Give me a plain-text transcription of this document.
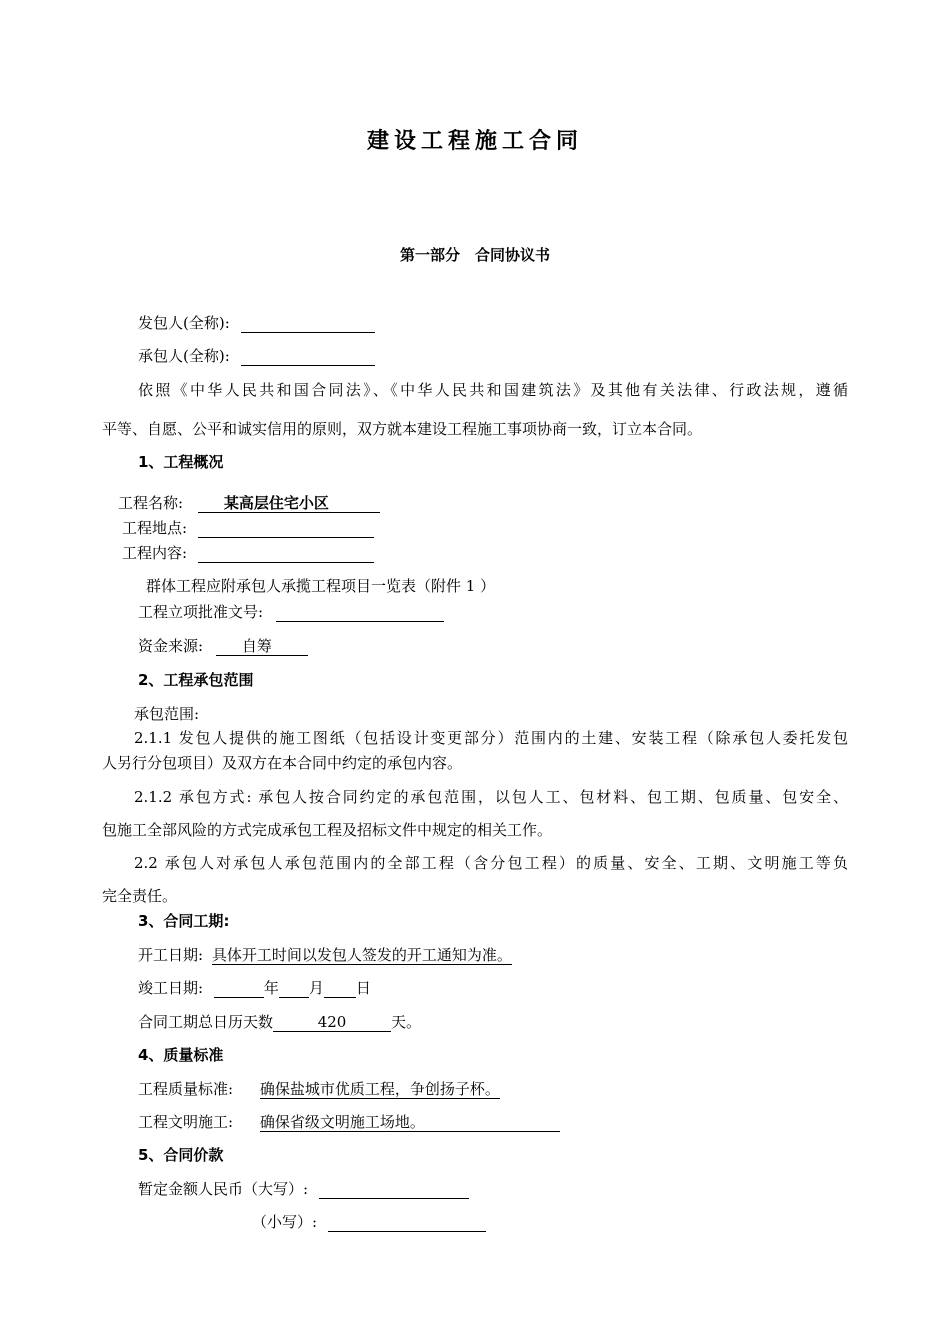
建设工程施工合同
第一部分　合同协议书
发包人(全称):
承包人(全称):
依照《中华人民共和国合同法》、《中华人民共和国建筑法》及其他有关法律、行政法规，遵循
平等、自愿、公平和诚实信用的原则，双方就本建设工程施工事项协商一致，订立本合同。
1、工程概况
工程名称:	某高层住宅小区
工程地点:
工程内容:
群体工程应附承包人承揽工程项目一览表（附件 1 ）
工程立项批准文号:
资金来源:	自筹
2、工程承包范围
承包范围:
2.1.1 发包人提供的施工图纸（包括设计变更部分）范围内的土建、安装工程（除承包人委托发包
人另行分包项目）及双方在本合同中约定的承包内容。
2.1.2 承包方式: 承包人按合同约定的承包范围，以包人工、包材料、包工期、包质量、包安全、
包施工全部风险的方式完成承包工程及招标文件中规定的相关工作。
2.2 承包人对承包人承包范围内的全部工程（含分包工程）的质量、安全、工期、文明施工等负
完全责任。
3、合同工期:
开工日期: 具体开工时间以发包人签发的开工通知为准。
竣工日期:	年 月 日
合同工期总日历天数	420	天。
4、质量标准
工程质量标准: 确保盐城市优质工程，争创扬子杯。
工程文明施工: 确保省级文明施工场地。
5、合同价款
暂定金额人民币（大写）:
（小写）:
